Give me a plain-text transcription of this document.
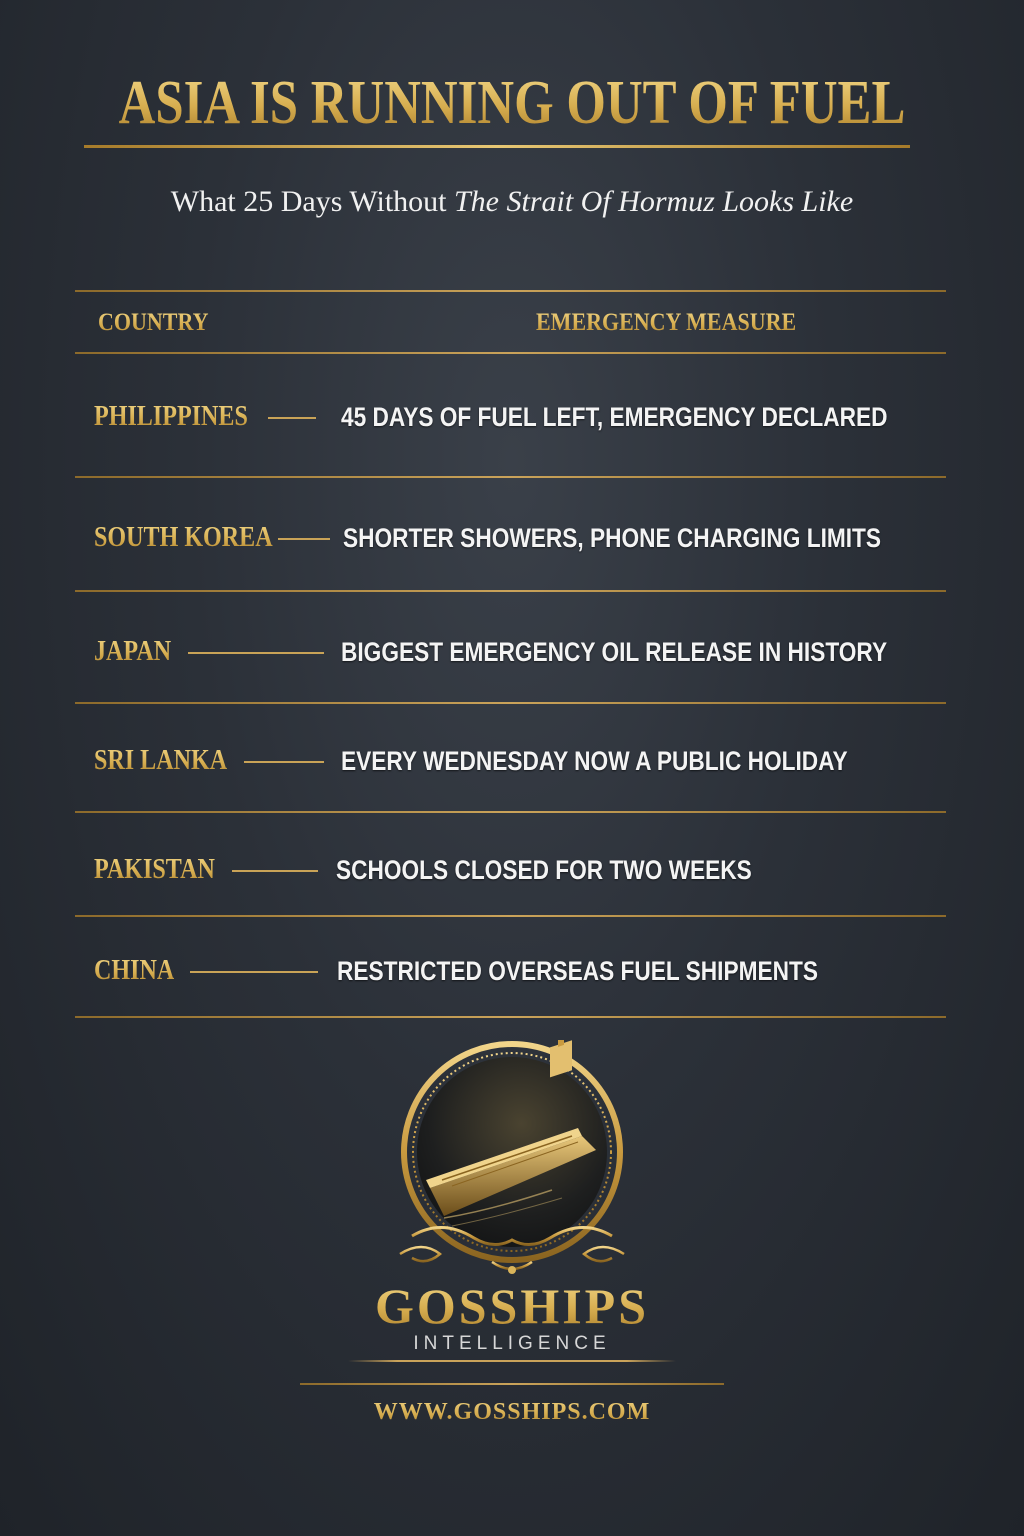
ASIA IS RUNNING OUT OF FUEL

What 25 Days Without The Strait Of Hormuz Looks Like

COUNTRY	EMERGENCY MEASURE
PHILIPPINES	45 DAYS OF FUEL LEFT, EMERGENCY DECLARED
SOUTH KOREA	SHORTER SHOWERS, PHONE CHARGING LIMITS
JAPAN	BIGGEST EMERGENCY OIL RELEASE IN HISTORY
SRI LANKA	EVERY WEDNESDAY NOW A PUBLIC HOLIDAY
PAKISTAN	SCHOOLS CLOSED FOR TWO WEEKS
CHINA	RESTRICTED OVERSEAS FUEL SHIPMENTS
GOSSHIPS
INTELLIGENCE
WWW.GOSSHIPS.COM
